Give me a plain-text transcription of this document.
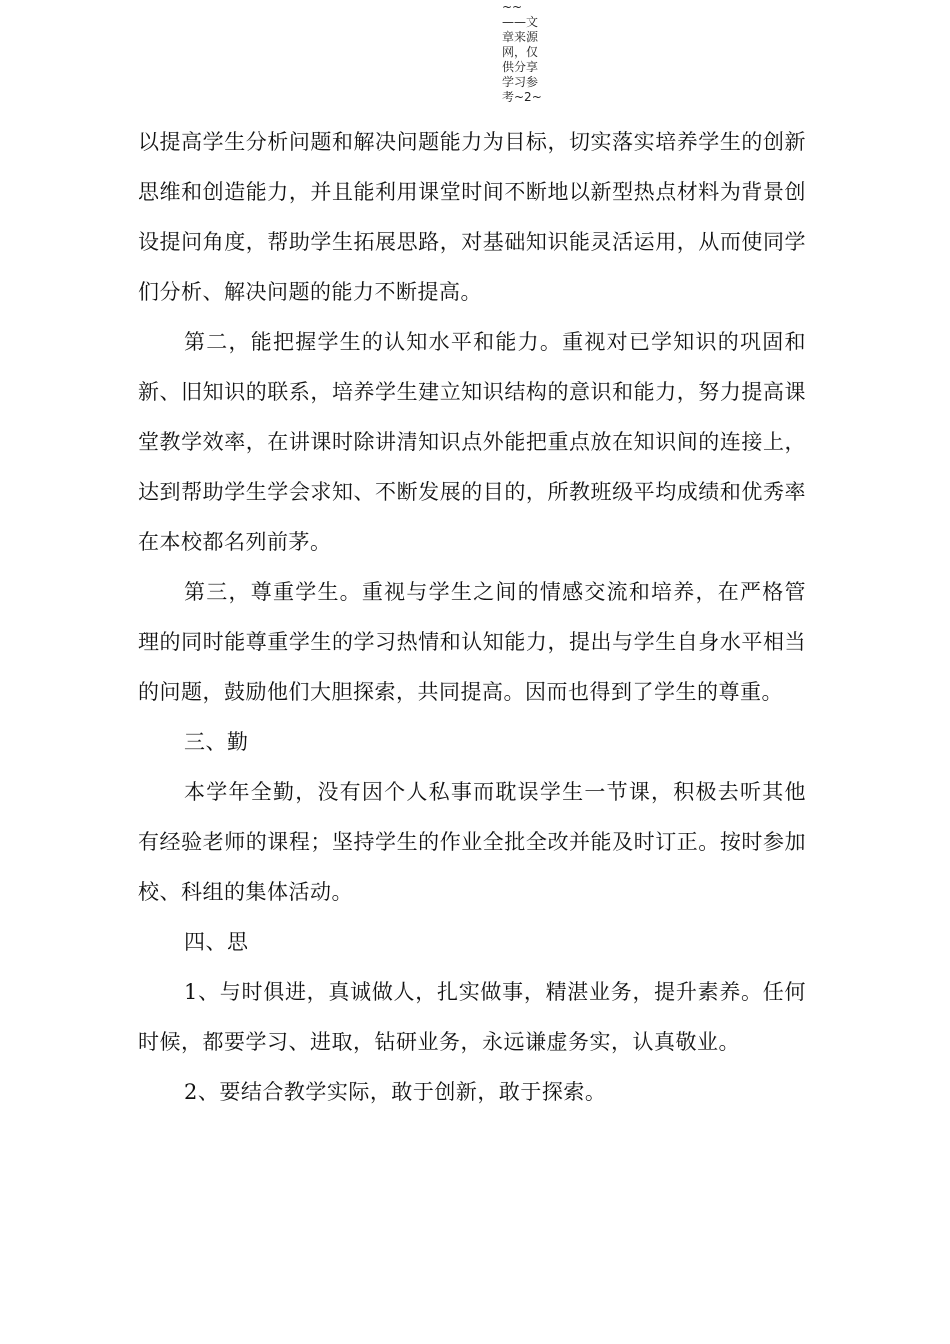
~~
——文
章来源
网，仅
供分享
学习参
考~2~

以提高学生分析问题和解决问题能力为目标，切实落实培养学生的创新思维和创造能力，并且能利用课堂时间不断地以新型热点材料为背景创设提问角度，帮助学生拓展思路，对基础知识能灵活运用，从而使同学们分析、解决问题的能力不断提高。

第二，能把握学生的认知水平和能力。重视对已学知识的巩固和新、旧知识的联系，培养学生建立知识结构的意识和能力，努力提高课堂教学效率，在讲课时除讲清知识点外能把重点放在知识间的连接上，达到帮助学生学会求知、不断发展的目的，所教班级平均成绩和优秀率在本校都名列前茅。

第三，尊重学生。重视与学生之间的情感交流和培养，在严格管理的同时能尊重学生的学习热情和认知能力，提出与学生自身水平相当的问题，鼓励他们大胆探索，共同提高。因而也得到了学生的尊重。

三、勤

本学年全勤，没有因个人私事而耽误学生一节课，积极去听其他有经验老师的课程；坚持学生的作业全批全改并能及时订正。按时参加校、科组的集体活动。

四、思

1、与时俱进，真诚做人，扎实做事，精湛业务，提升素养。任何时候，都要学习、进取，钻研业务，永远谦虚务实，认真敬业。

2、要结合教学实际，敢于创新，敢于探索。
